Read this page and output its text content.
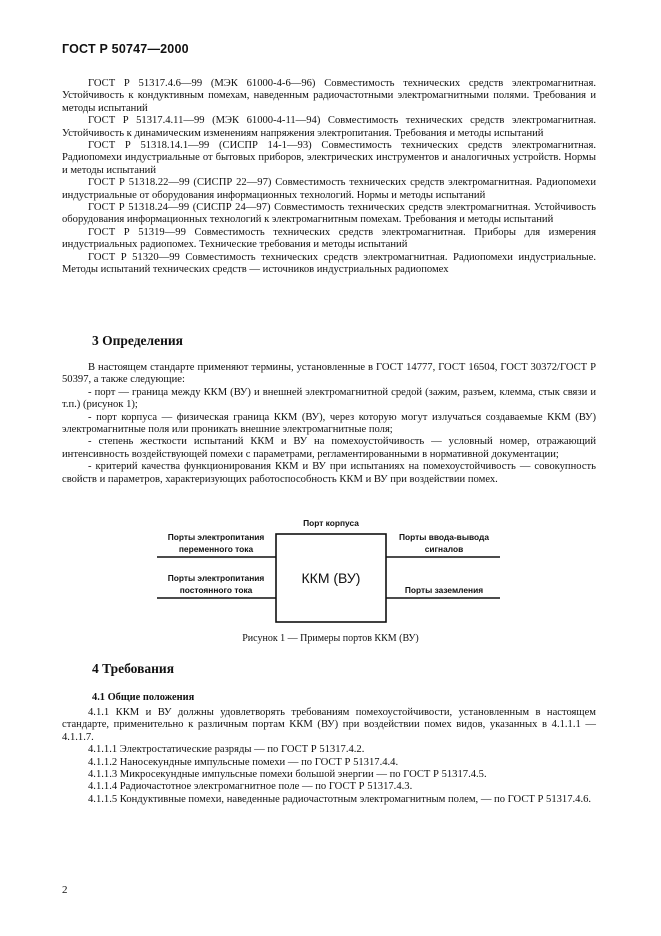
ГОСТ Р 50747—2000

ГОСТ Р 51317.4.6—99 (МЭК 61000-4-6—96) Совместимость технических средств электромагнитная. Устойчивость к кондуктивным помехам, наведенным радиочастотными электромагнитными полями. Требования и методы испытаний

ГОСТ Р 51317.4.11—99 (МЭК 61000-4-11—94) Совместимость технических средств электромагнитная. Устойчивость к динамическим изменениям напряжения электропитания. Требования и методы испытаний

ГОСТ Р 51318.14.1—99 (СИСПР 14-1—93) Совместимость технических средств электромагнитная. Радиопомехи индустриальные от бытовых приборов, электрических инструментов и аналогичных устройств. Нормы и методы испытаний

ГОСТ Р 51318.22—99 (СИСПР 22—97) Совместимость технических средств электромагнитная. Радиопомехи индустриальные от оборудования информационных технологий. Нормы и методы испытаний

ГОСТ Р 51318.24—99 (СИСПР 24—97) Совместимость технических средств электромагнитная. Устойчивость оборудования информационных технологий к электромагнитным помехам. Требования и методы испытаний

ГОСТ Р 51319—99 Совместимость технических средств электромагнитная. Приборы для измерения индустриальных радиопомех. Технические требования и методы испытаний

ГОСТ Р 51320—99 Совместимость технических средств электромагнитная. Радиопомехи индустриальные. Методы испытаний технических средств — источников индустриальных радиопомех

3 Определения

В настоящем стандарте применяют термины, установленные в ГОСТ 14777, ГОСТ 16504, ГОСТ 30372/ГОСТ Р 50397, а также следующие:

- порт — граница между ККМ (ВУ) и внешней электромагнитной средой (зажим, разъем, клемма, стык связи и т.п.) (рисунок 1);

- порт корпуса — физическая граница ККМ (ВУ), через которую могут излучаться создаваемые ККМ (ВУ) электромагнитные поля или проникать внешние электромагнитные поля;

- степень жесткости испытаний ККМ и ВУ на помехоустойчивость — условный номер, отражающий интенсивность воздействующей помехи с параметрами, регламентированными в нормативной документации;

- критерий качества функционирования ККМ и ВУ при испытаниях на помехоустойчивость — совокупность свойств и параметров, характеризующих работоспособность ККМ и ВУ при воздействии помех.

ККМ (ВУ)
Порт корпуса
Порты электропитания
переменного тока
Порты электропитания
постоянного тока
Порты ввода-вывода
сигналов
Порты заземления
Рисунок 1 — Примеры портов ККМ (ВУ)
4 Требования
4.1 Общие положения

4.1.1 ККМ и ВУ должны удовлетворять требованиям помехоустойчивости, установленным в настоящем стандарте, применительно к различным портам ККМ (ВУ) при воздействии помех видов, указанных в 4.1.1.1 — 4.1.1.7.

4.1.1.1 Электростатические разряды — по ГОСТ Р 51317.4.2.

4.1.1.2 Наносекундные импульсные помехи — по ГОСТ Р 51317.4.4.

4.1.1.3 Микросекундные импульсные помехи большой энергии — по ГОСТ Р 51317.4.5.

4.1.1.4 Радиочастотное электромагнитное поле — по ГОСТ Р 51317.4.3.

4.1.1.5 Кондуктивные помехи, наведенные радиочастотным электромагнитным полем, — по ГОСТ Р 51317.4.6.

2
